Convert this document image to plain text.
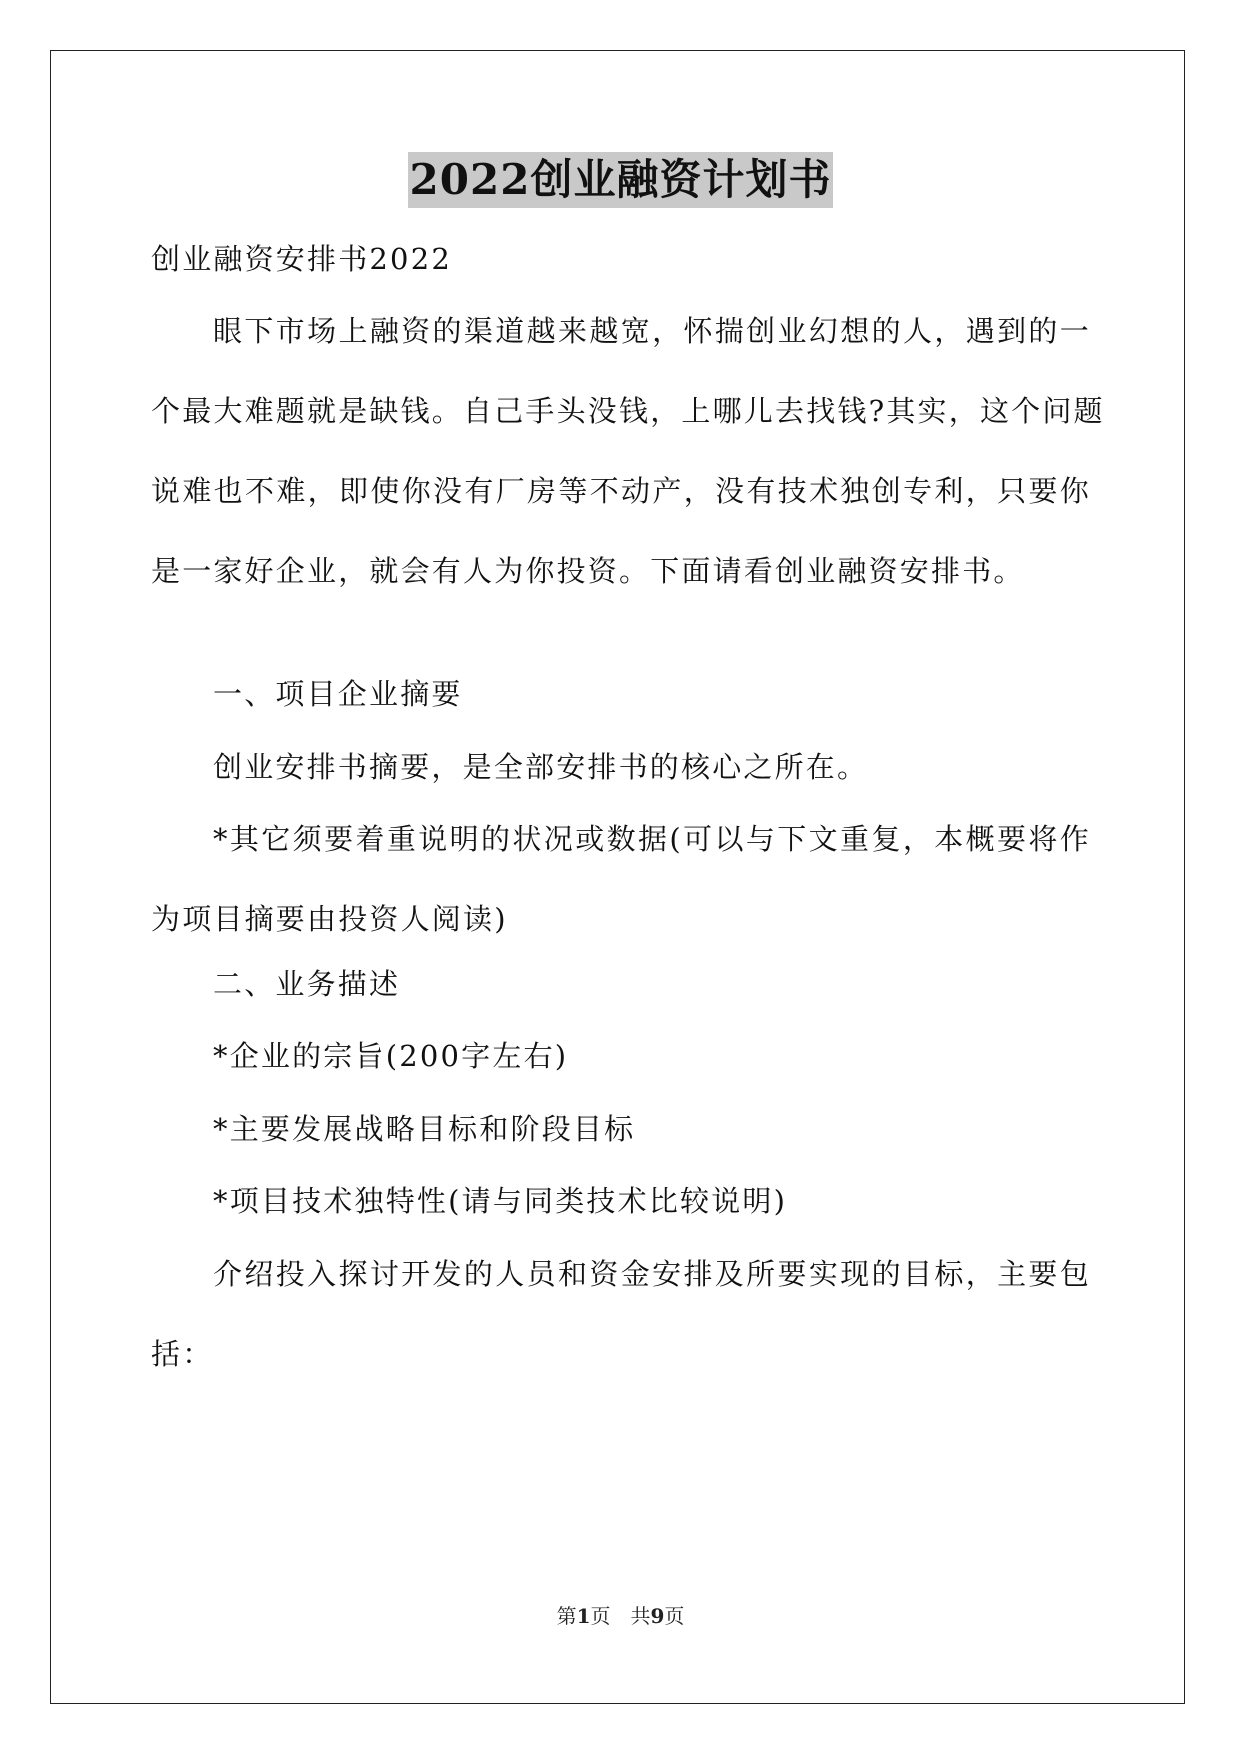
2022创业融资计划书
创业融资安排书2022
眼下市场上融资的渠道越来越宽，怀揣创业幻想的人，遇到的一
个最大难题就是缺钱。自己手头没钱，上哪儿去找钱?其实，这个问题
说难也不难，即使你没有厂房等不动产，没有技术独创专利，只要你
是一家好企业，就会有人为你投资。下面请看创业融资安排书。
一、项目企业摘要
创业安排书摘要，是全部安排书的核心之所在。
*其它须要着重说明的状况或数据(可以与下文重复，本概要将作
为项目摘要由投资人阅读)
二、业务描述
*企业的宗旨(200字左右)
*主要发展战略目标和阶段目标
*项目技术独特性(请与同类技术比较说明)
介绍投入探讨开发的人员和资金安排及所要实现的目标，主要包
括：
第1页　共9页
